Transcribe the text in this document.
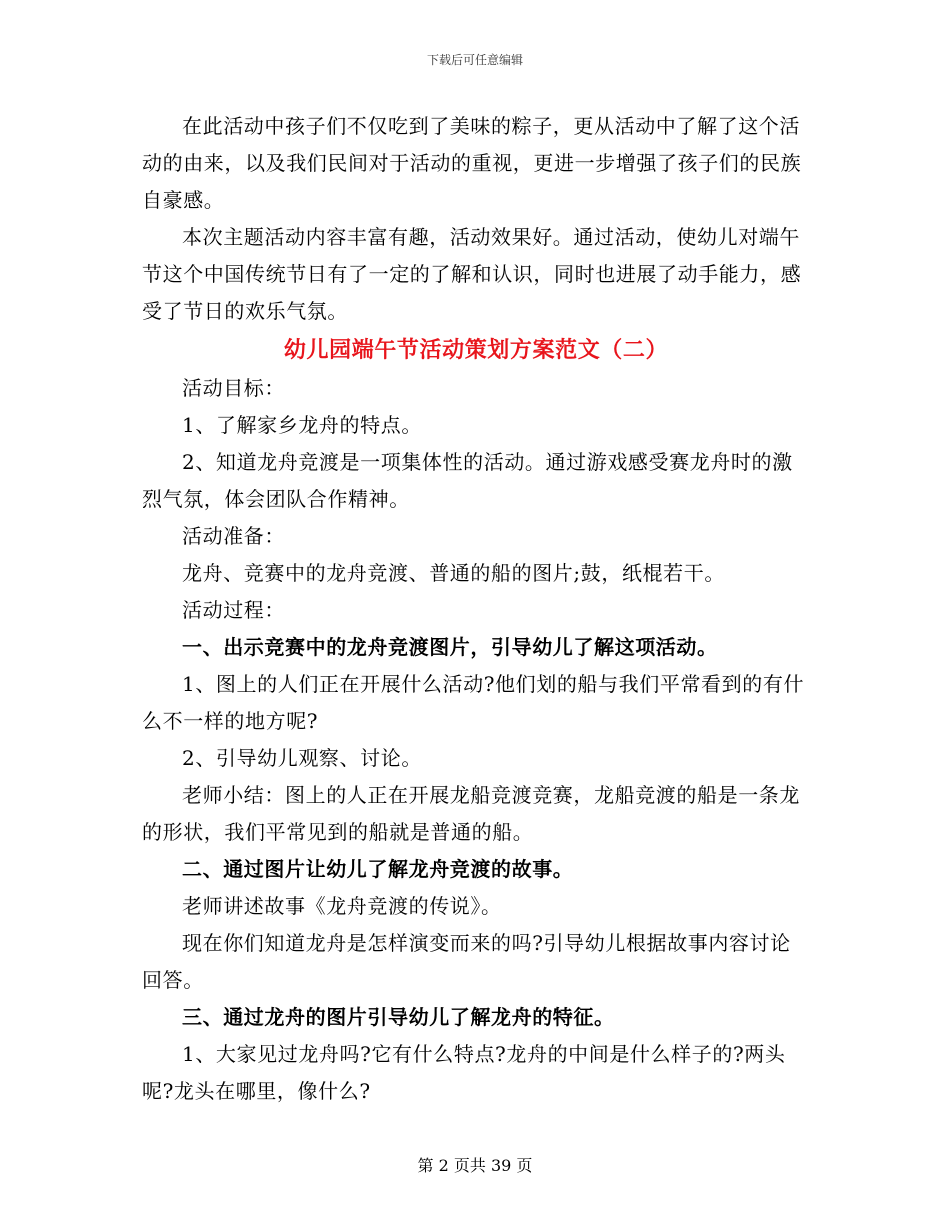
下载后可任意编辑

在此活动中孩子们不仅吃到了美味的粽子，更从活动中了解了这个活动的由来，以及我们民间对于活动的重视，更进一步增强了孩子们的民族自豪感。

本次主题活动内容丰富有趣，活动效果好。通过活动，使幼儿对端午节这个中国传统节日有了一定的了解和认识，同时也进展了动手能力，感受了节日的欢乐气氛。

幼儿园端午节活动策划方案范文（二）

活动目标：

1、了解家乡龙舟的特点。

2、知道龙舟竞渡是一项集体性的活动。通过游戏感受赛龙舟时的激烈气氛，体会团队合作精神。

活动准备：

龙舟、竞赛中的龙舟竞渡、普通的船的图片;鼓，纸棍若干。

活动过程：

一、出示竞赛中的龙舟竞渡图片，引导幼儿了解这项活动。

1、图上的人们正在开展什么活动?他们划的船与我们平常看到的有什么不一样的地方呢?

2、引导幼儿观察、讨论。

老师小结：图上的人正在开展龙船竞渡竞赛，龙船竞渡的船是一条龙的形状，我们平常见到的船就是普通的船。

二、通过图片让幼儿了解龙舟竞渡的故事。

老师讲述故事《龙舟竞渡的传说》。

现在你们知道龙舟是怎样演变而来的吗?引导幼儿根据故事内容讨论回答。

三、通过龙舟的图片引导幼儿了解龙舟的特征。

1、大家见过龙舟吗?它有什么特点?龙舟的中间是什么样子的?两头呢?龙头在哪里，像什么?

第 2 页共 39 页
